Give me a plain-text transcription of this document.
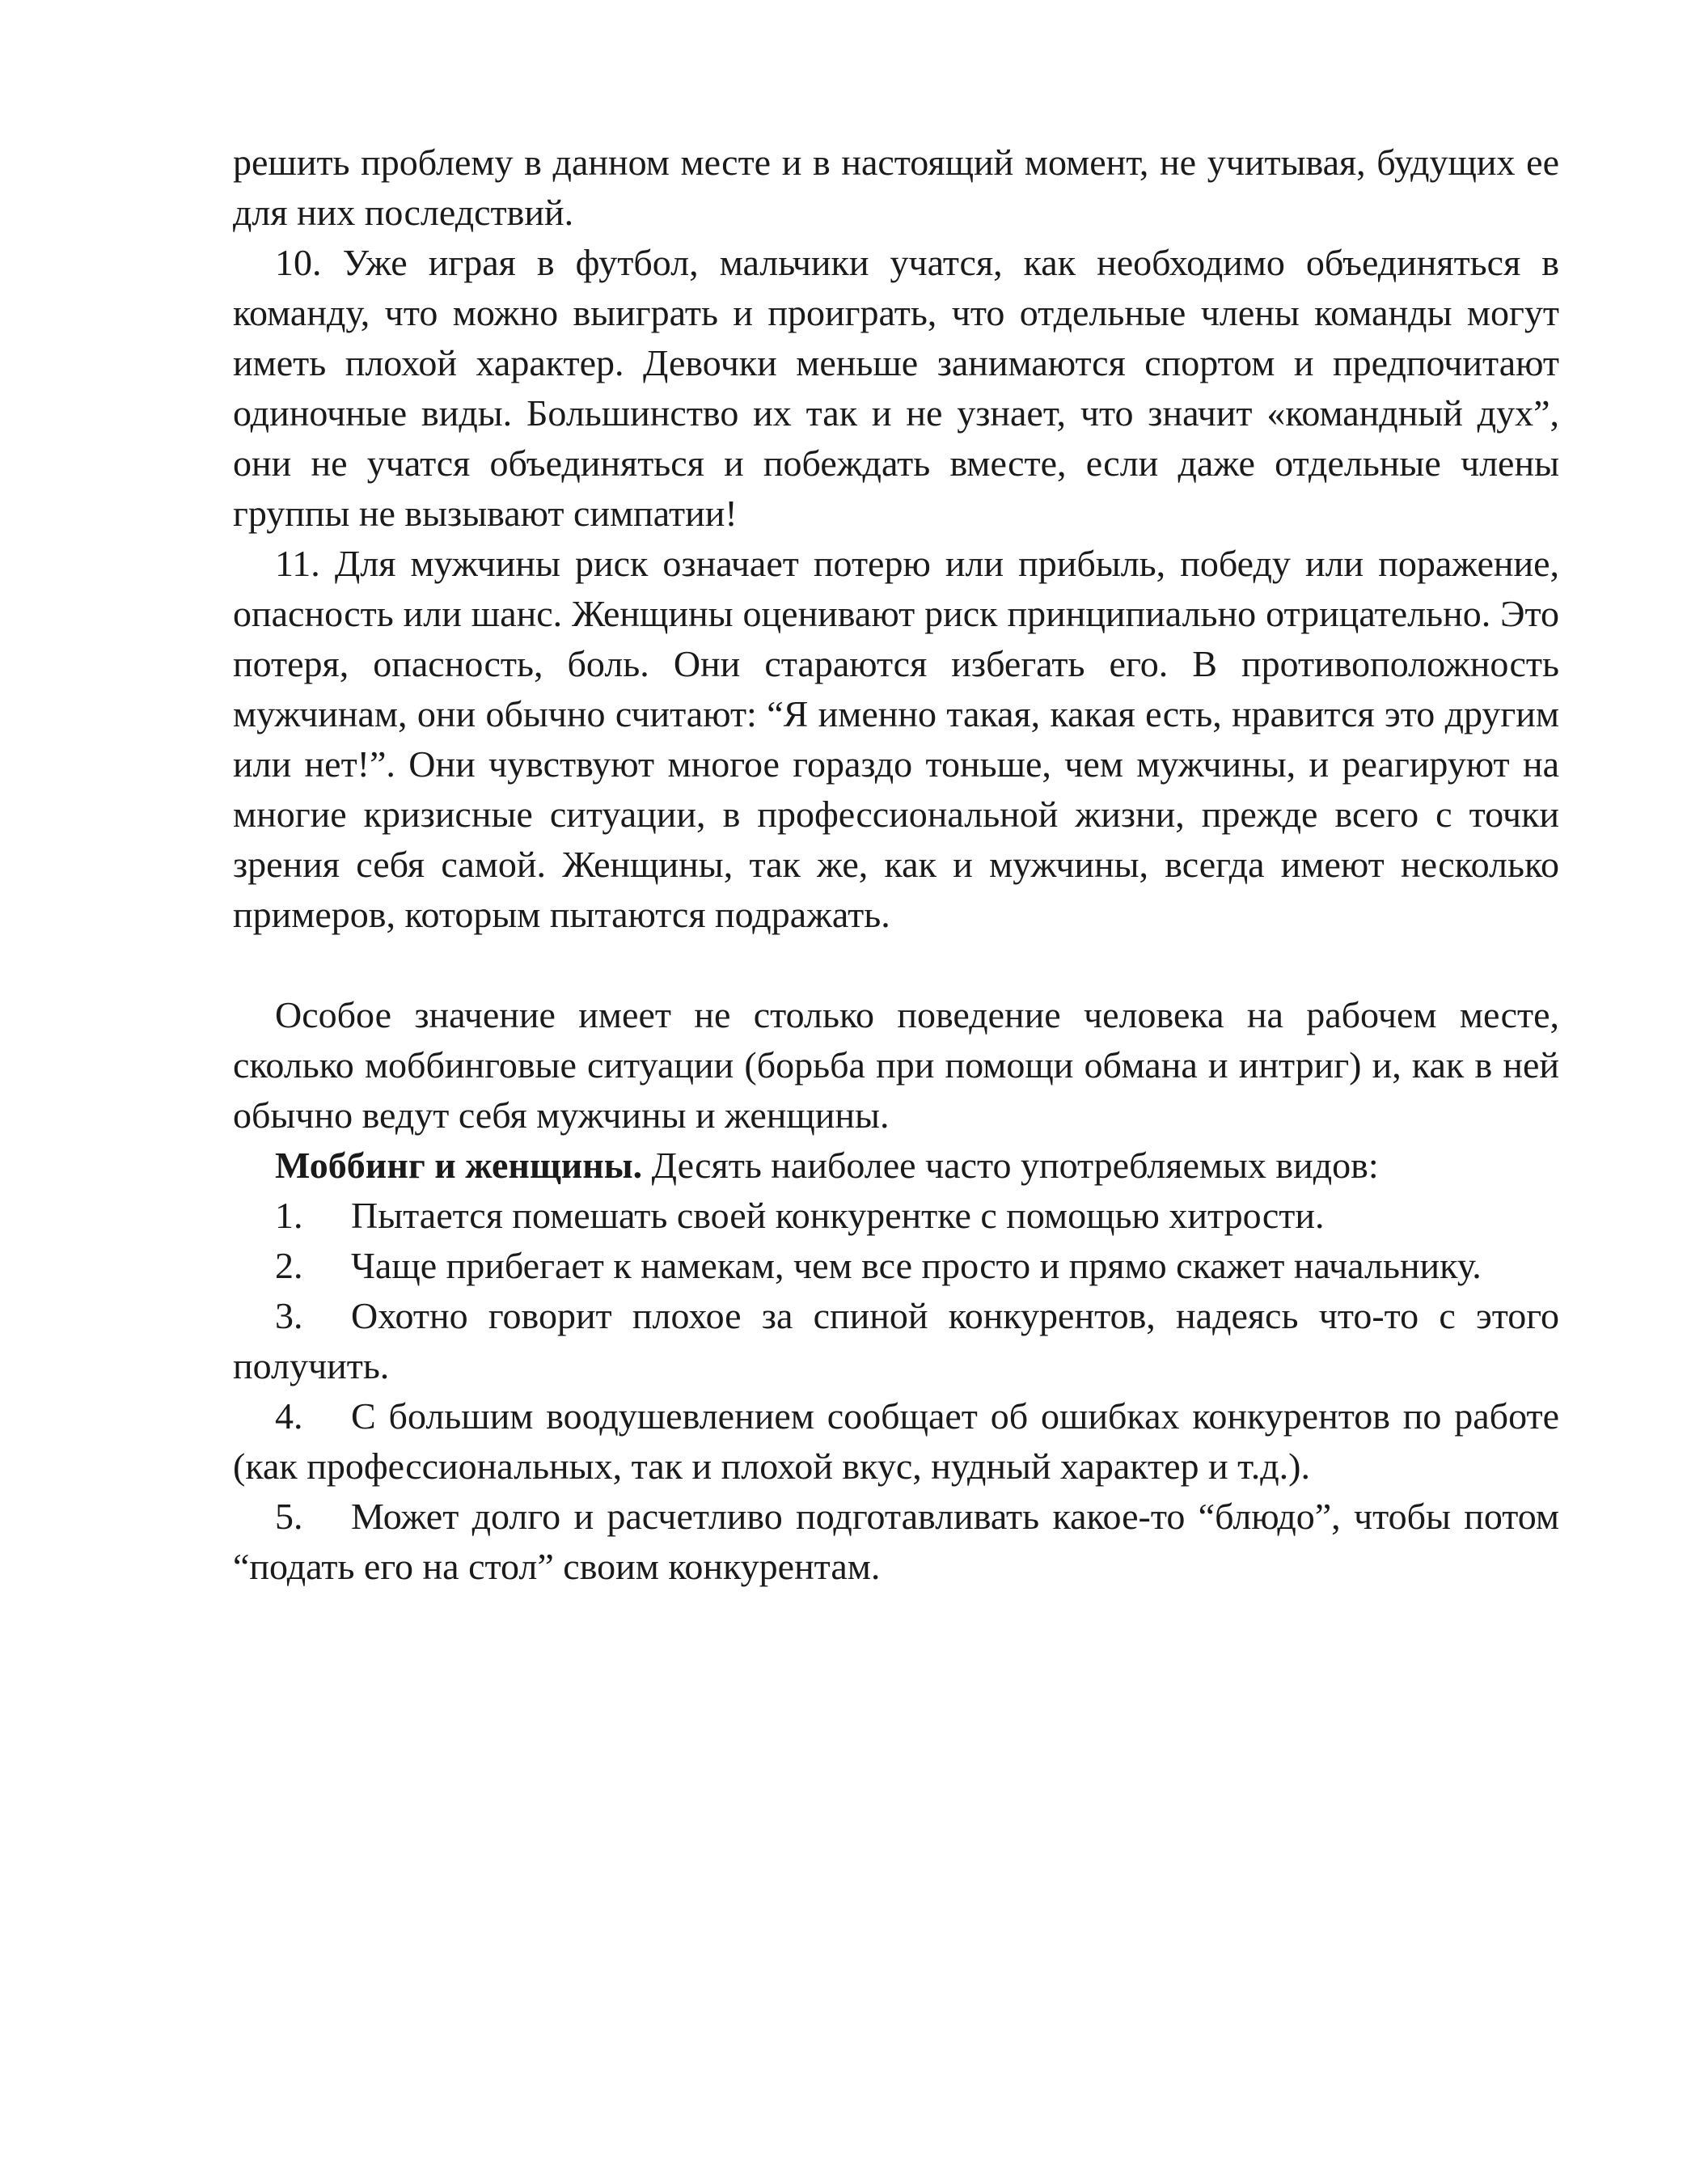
решить проблему в данном месте и в настоящий момент, не учитывая, будущих ее для них последствий.

10. Уже играя в футбол, мальчики учатся, как необходимо объединяться в команду, что можно выиграть и проиграть, что отдельные члены команды могут иметь плохой характер. Девочки меньше занимаются спортом и предпочитают одиночные виды. Большинство их так и не узнает, что значит «командный дух”, они не учатся объединяться и побеждать вместе, если даже отдельные члены группы не вызывают симпатии!

11. Для мужчины риск означает потерю или прибыль, победу или поражение, опасность или шанс. Женщины оценивают риск принципиально отрицательно. Это потеря, опасность, боль. Они стараются избегать его. В противоположность мужчинам, они обычно считают: “Я именно такая, какая есть, нравится это другим или нет!”. Они чувствуют многое гораздо тоньше, чем мужчины, и реагируют на многие кризисные ситуации, в профессиональной жизни, прежде всего с точки зрения себя самой. Женщины, так же, как и мужчины, всегда имеют несколько примеров, которым пытаются подражать.

Особое значение имеет не столько поведение человека на рабочем месте, сколько моббинговые ситуации (борьба при помощи обмана и интриг) и, как в ней обычно ведут себя мужчины и женщины.

Моббинг и женщины. Десять наиболее часто употребляемых видов:

1. Пытается помешать своей конкурентке с помощью хитрости.

2. Чаще прибегает к намекам, чем все просто и прямо скажет начальнику.

3. Охотно говорит плохое за спиной конкурентов, надеясь что-то с этого получить.

4. С большим воодушевлением сообщает об ошибках конкурентов по работе (как профессиональных, так и плохой вкус, нудный характер и т.д.).

5. Может долго и расчетливо подготавливать какое-то “блюдо”, чтобы потом “подать его на стол” своим конкурентам.
